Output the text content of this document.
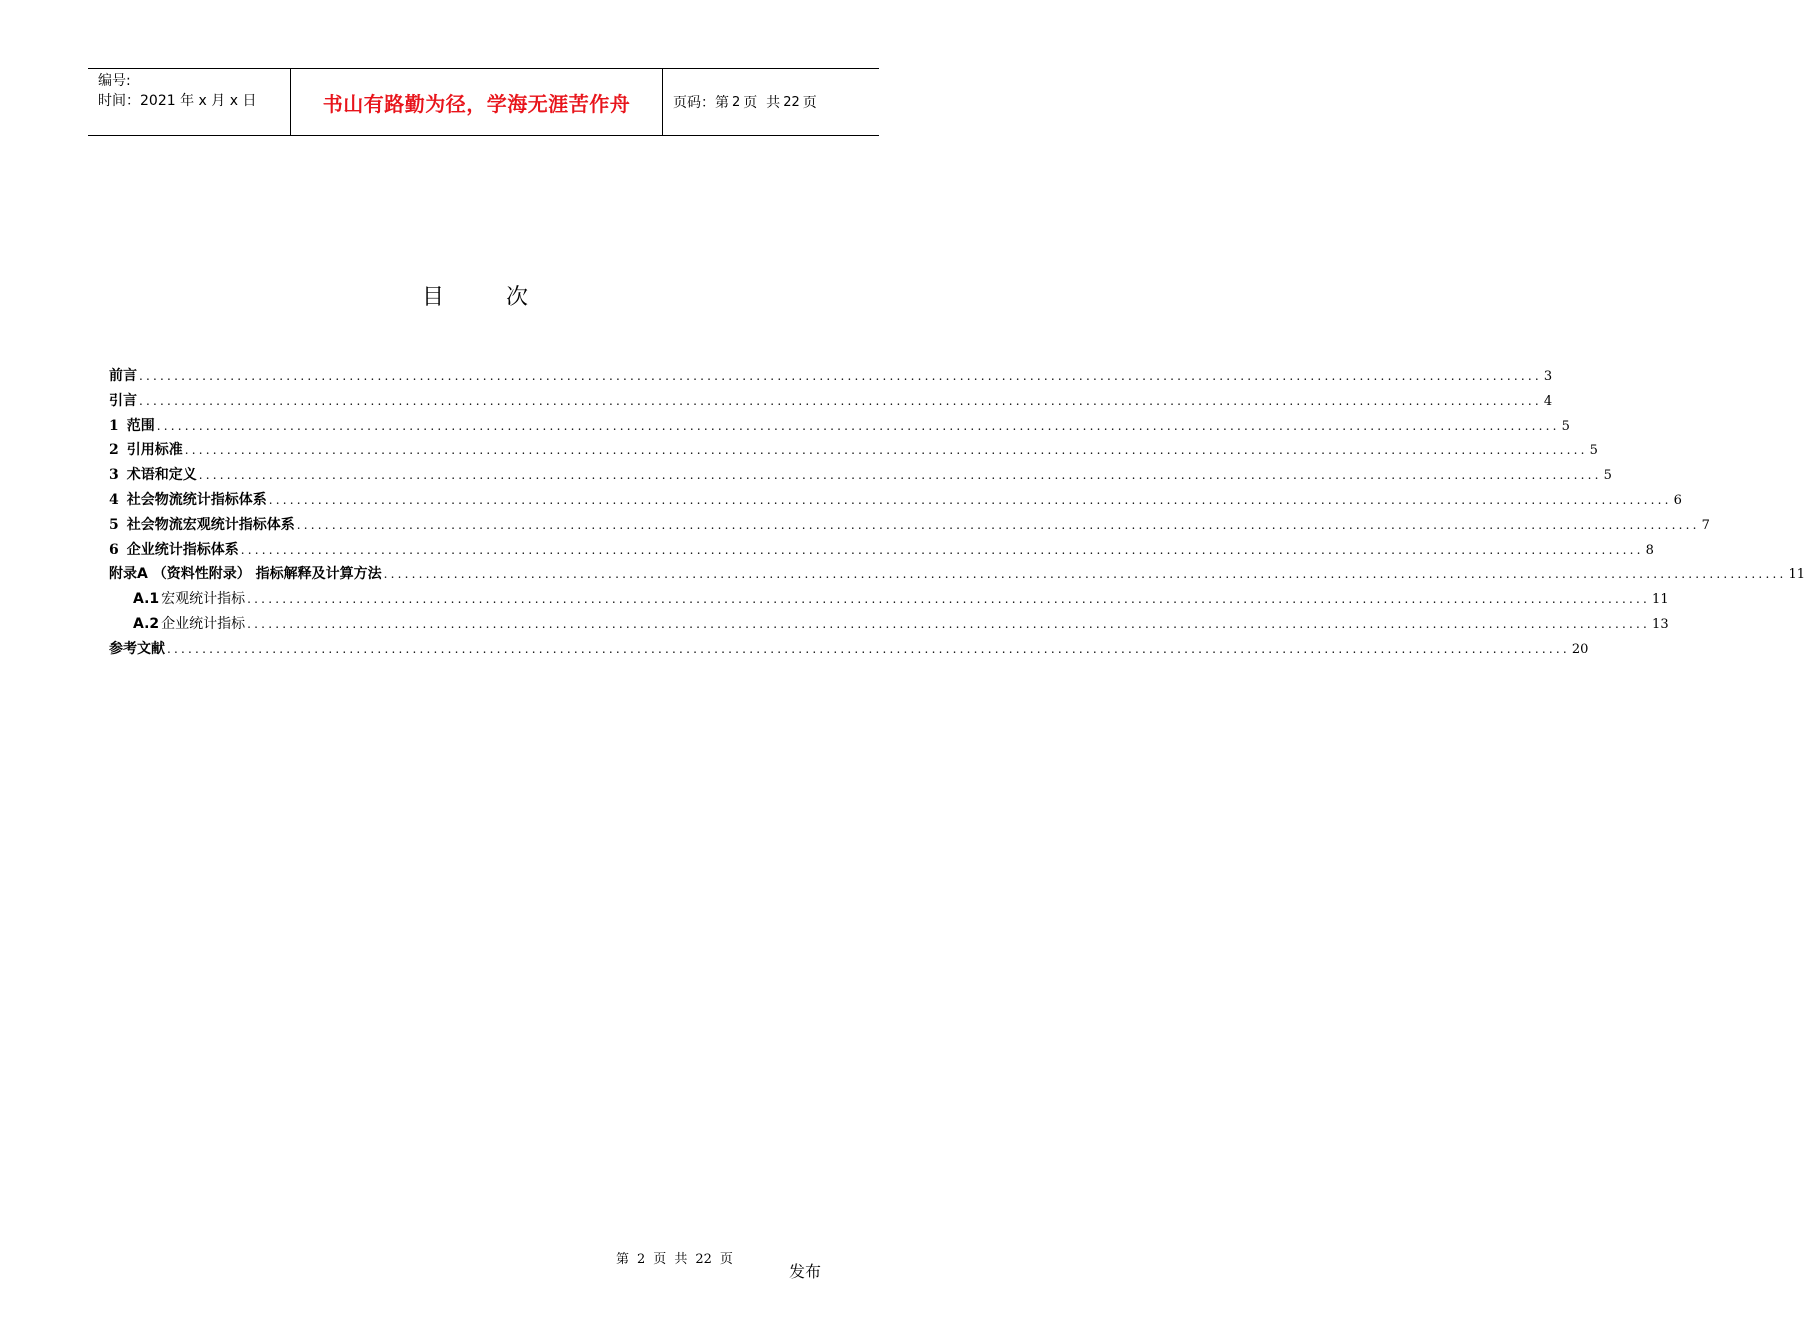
编号:
时间：2021 年 x 月 x 日	书山有路勤为径，学海无涯苦作舟	页码：第 2 页  共 22 页
目次
前言 ........................................................................................................................................................................................................ 3
引言 ........................................................................................................................................................................................................ 4
1 范围 ........................................................................................................................................................................................................ 5
2 引用标准 ........................................................................................................................................................................................................ 5
3 术语和定义 ........................................................................................................................................................................................................ 5
4 社会物流统计指标体系 ........................................................................................................................................................................................................ 6
5 社会物流宏观统计指标体系 ........................................................................................................................................................................................................ 7
6 企业统计指标体系 ........................................................................................................................................................................................................ 8
附录A （资料性附录） 指标解释及计算方法 ........................................................................................................................................................................................................ 11
A.1 宏观统计指标 ........................................................................................................................................................................................................ 11
A.2 企业统计指标 ........................................................................................................................................................................................................ 13
参考文献 ........................................................................................................................................................................................................ 20
第 2 页 共 22 页
发布
